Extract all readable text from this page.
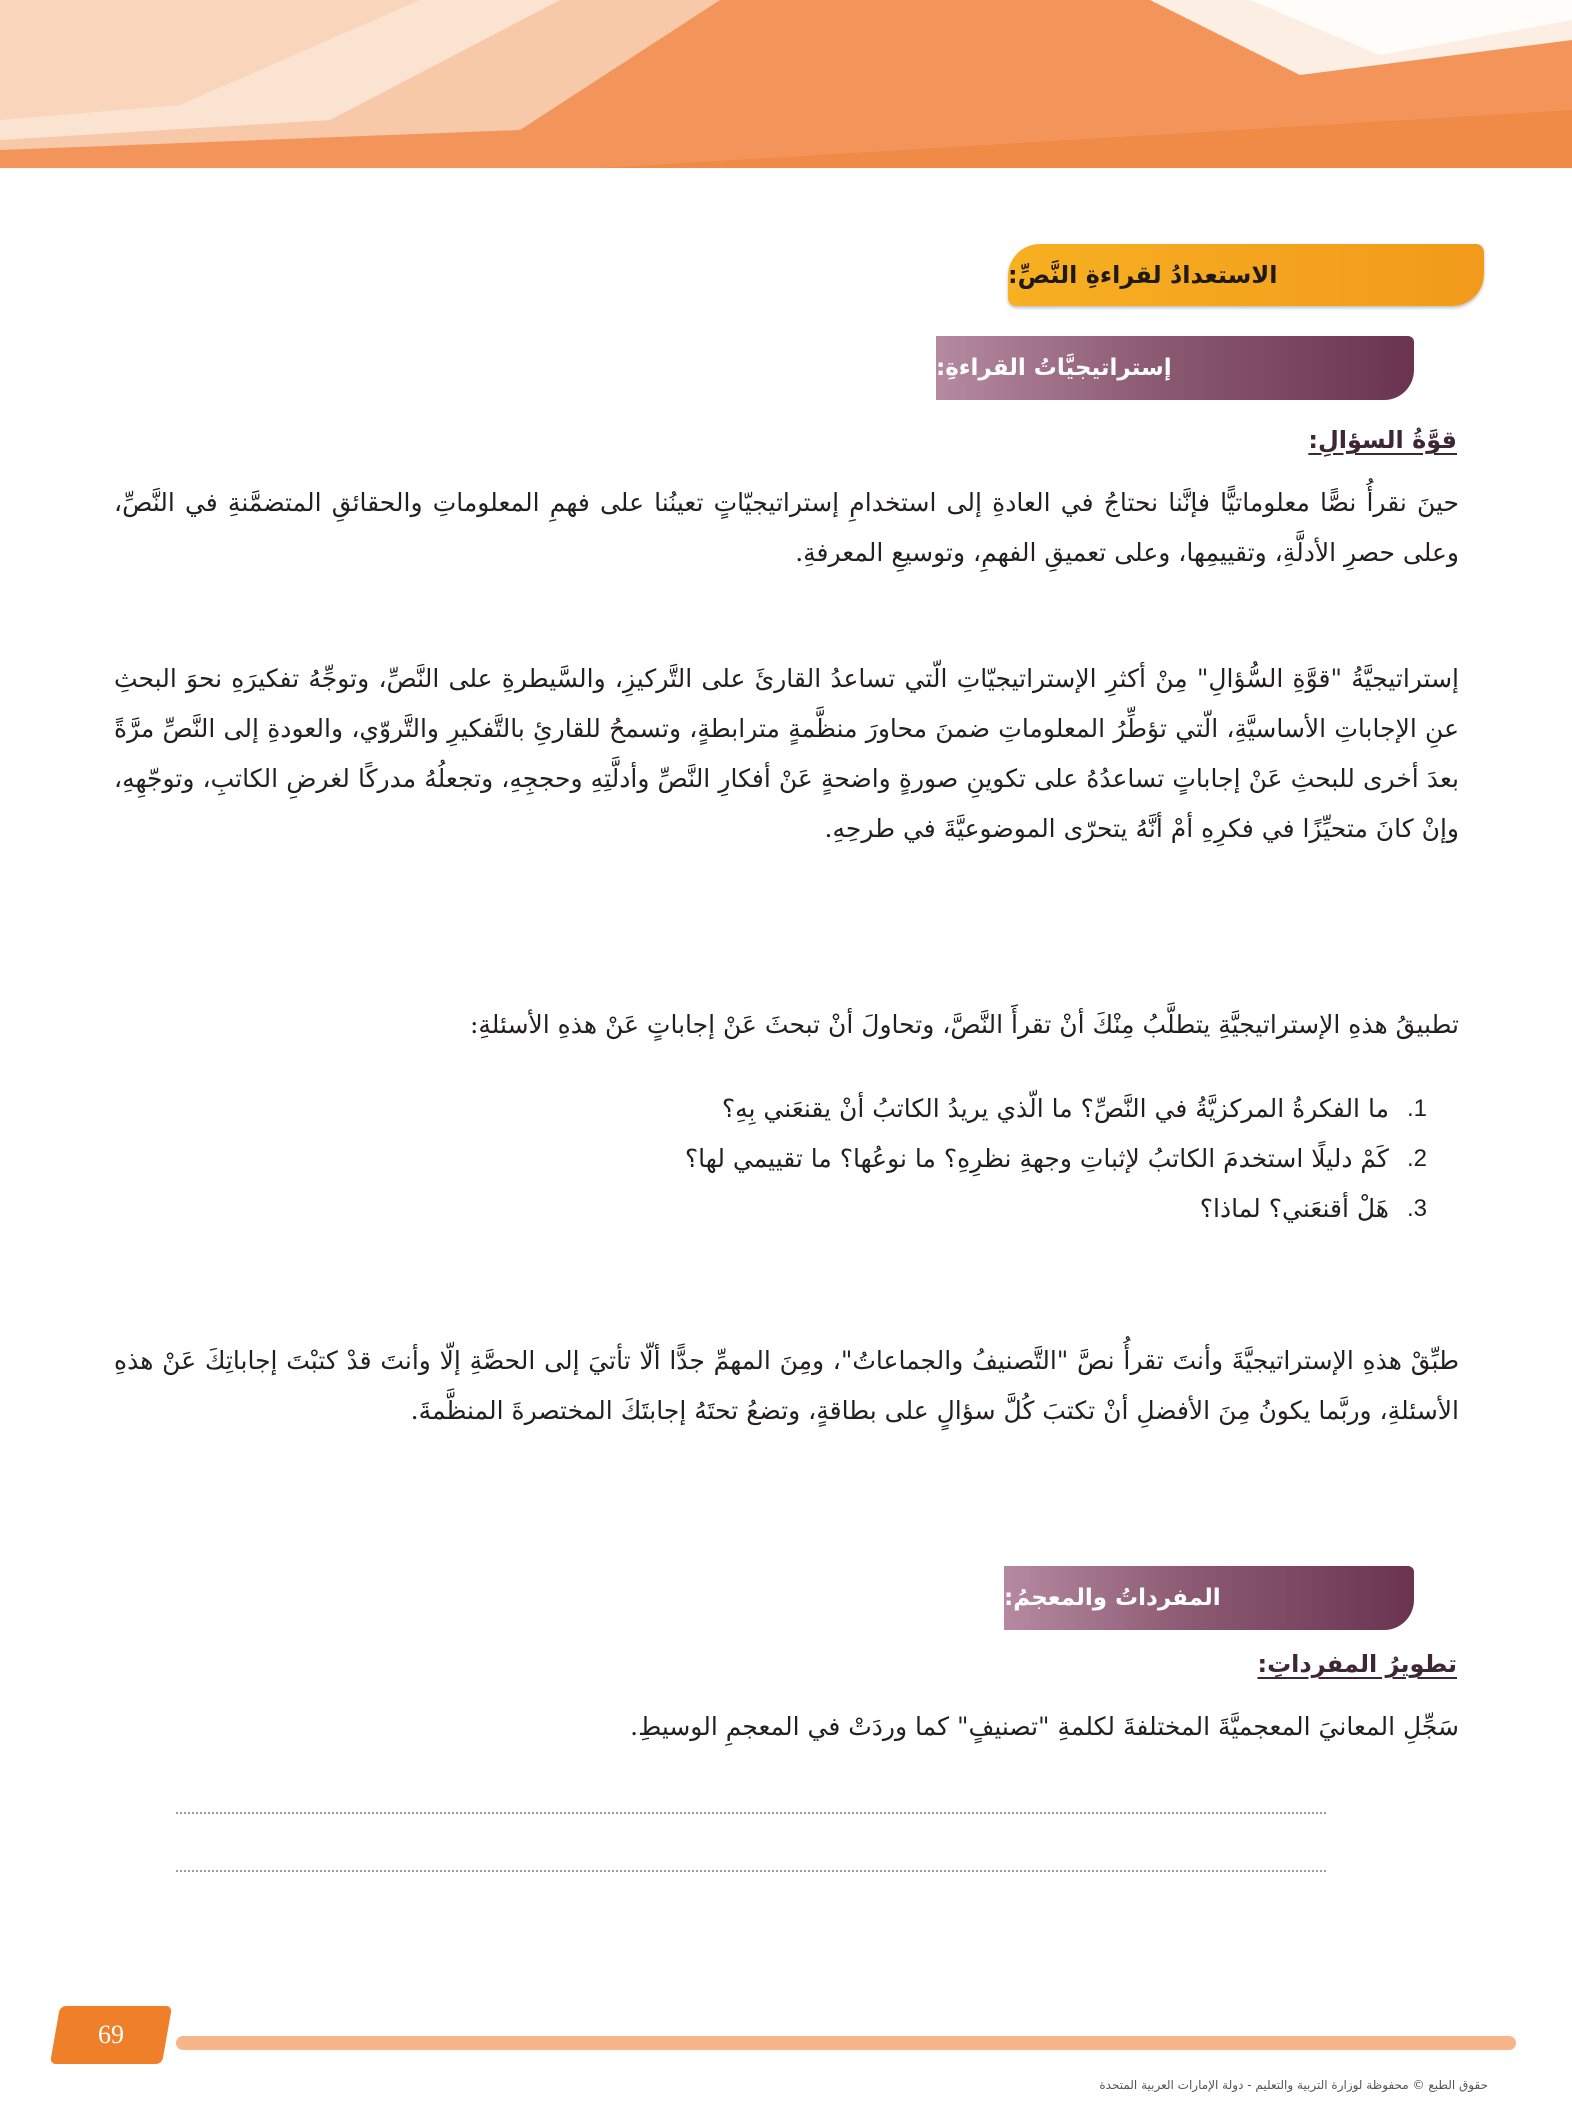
الاستعدادُ لقراءةِ النَّصِّ:
إستراتيجيَّاتُ القراءةِ:
قوَّةُ السؤالِ:

حينَ نقرأُ نصًّا معلوماتيًّا فإنَّنا نحتاجُ في العادةِ إلى استخدامِ إستراتيجيّاتٍ تعينُنا على فهمِ المعلوماتِ والحقائقِ المتضمَّنةِ في النَّصِّ، وعلى حصرِ الأدلَّةِ، وتقييمِها، وعلى تعميقِ الفهمِ، وتوسيعِ المعرفةِ.

إستراتيجيَّةُ "قوَّةِ السُّؤالِ" مِنْ أكثرِ الإستراتيجيّاتِ الّتي تساعدُ القارئَ على التَّركيزِ، والسَّيطرةِ على النَّصِّ، وتوجِّهُ تفكيرَهِ نحوَ البحثِ عنِ الإجاباتِ الأساسيَّةِ، الّتي تؤطِّرُ المعلوماتِ ضمنَ محاورَ منظَّمةٍ مترابطةٍ، وتسمحُ للقارئِ بالتَّفكيرِ والتَّروّي، والعودةِ إلى النَّصِّ مرَّةً بعدَ أخرى للبحثِ عَنْ إجاباتٍ تساعدُهُ على تكوينِ صورةٍ واضحةٍ عَنْ أفكارِ النَّصِّ وأدلَّتِهِ وحججِهِ، وتجعلُهُ مدركًا لغرضِ الكاتبِ، وتوجّهِهِ، وإنْ كانَ متحيِّزًا في فكرِهِ أمْ أنَّهُ يتحرّى الموضوعيَّةَ في طرحِهِ.

تطبيقُ هذهِ الإستراتيجيَّةِ يتطلَّبُ مِنْكَ أنْ تقرأَ النَّصَّ، وتحاولَ أنْ تبحثَ عَنْ إجاباتٍ عَنْ هذهِ الأسئلةِ:

1.
ما الفكرةُ المركزيَّةُ في النَّصِّ؟ ما الّذي يريدُ الكاتبُ أنْ يقنعَني بِهِ؟
2.
كَمْ دليلًا استخدمَ الكاتبُ لإثباتِ وجهةِ نظرِهِ؟ ما نوعُها؟ ما تقييمي لها؟
3.
هَلْ أقنعَني؟ لماذا؟

طبِّقْ هذهِ الإستراتيجيَّةَ وأنتَ تقرأُ نصَّ "التَّصنيفُ والجماعاتُ"، ومِنَ المهمِّ جدًّا ألّا تأتيَ إلى الحصَّةِ إلّا وأنتَ قدْ كتبْتَ إجاباتِكَ عَنْ هذهِ الأسئلةِ، وربَّما يكونُ مِنَ الأفضلِ أنْ تكتبَ كُلَّ سؤالٍ على بطاقةٍ، وتضعُ تحتَهُ إجابتَكَ المختصرةَ المنظَّمةَ.

المفرداتُ والمعجمُ:
تطويرُ المفرداتِ:

سَجِّلِ المعانيَ المعجميَّةَ المختلفةَ لكلمةِ "تصنيفٍ" كما وردَتْ في المعجمِ الوسيطِ.

69
حقوق الطبع © محفوظة لوزارة التربية والتعليم - دولة الإمارات العربية المتحدة
